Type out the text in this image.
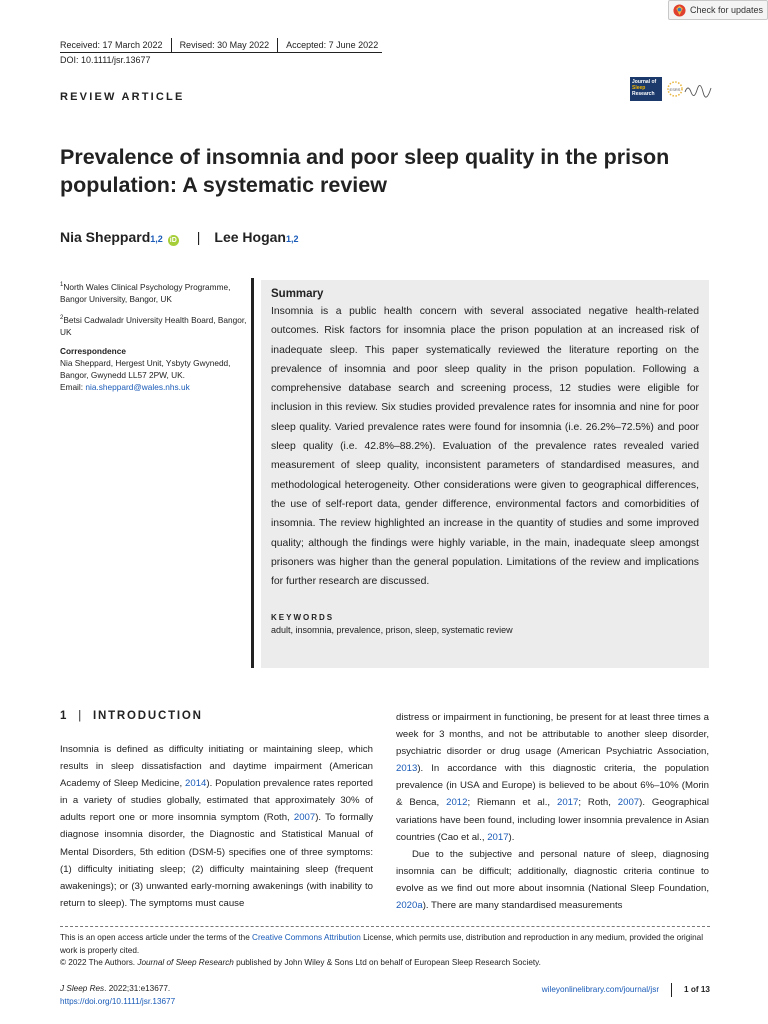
Check for updates
Received: 17 March 2022 Revised: 30 May 2022 Accepted: 7 June 2022
DOI: 10.1111/jsr.13677
REVIEW ARTICLE
Journal of
Sleep
Research
ESRS
Prevalence of insomnia and poor sleep quality in the prison population: A systematic review
Nia Sheppard 1,2 iD | Lee Hogan 1,2

$^1$North Wales Clinical Psychology Programme, Bangor University, Bangor, UK

$^2$Betsi Cadwaladr University Health Board, Bangor, UK

Correspondence

Nia Sheppard, Hergest Unit, Ysbyty Gwynedd, Bangor, Gwynedd LL57 2PW, UK.

Email: nia.sheppard@wales.nhs.uk

Summary

Insomnia is a public health concern with several associated negative health-related outcomes. Risk factors for insomnia place the prison population at an increased risk of inadequate sleep. This paper systematically reviewed the literature reporting on the prevalence of insomnia and poor sleep quality in the prison population. Following a comprehensive database search and screening process, 12 studies were eligible for inclusion in this review. Six studies provided prevalence rates for insomnia and nine for poor sleep quality. Varied prevalence rates were found for insomnia (i.e. 26.2%–72.5%) and poor sleep quality (i.e. 42.8%–88.2%). Evaluation of the prevalence rates revealed varied measurement of sleep quality, inconsistent parameters of standardised measures, and methodological heterogeneity. Other considerations were given to geographical differences, the use of self-report data, gender difference, environmental factors and comorbidities of insomnia. The review highlighted an increase in the quantity of studies and some improved quality; although the findings were highly variable, in the main, inadequate sleep amongst prisoners was higher than the general population. Limitations of the review and implications for further research are discussed.

KEYWORDS
adult, insomnia, prevalence, prison, sleep, systematic review
1 | INTRODUCTION

Insomnia is defined as difficulty initiating or maintaining sleep, which results in sleep dissatisfaction and daytime impairment (American Academy of Sleep Medicine, 2014). Population prevalence rates reported in a variety of studies globally, estimated that approximately 30% of adults report one or more insomnia symptom (Roth, 2007). To formally diagnose insomnia disorder, the Diagnostic and Statistical Manual of Mental Disorders, 5th edition (DSM-5) specifies one of three symptoms: (1) difficulty initiating sleep; (2) difficulty maintaining sleep (frequent awakenings); or (3) unwanted early-morning awakenings (with inability to return to sleep). The symptoms must cause

distress or impairment in functioning, be present for at least three times a week for 3 months, and not be attributable to another sleep disorder, psychiatric disorder or drug usage (American Psychiatric Association, 2013). In accordance with this diagnostic criteria, the population prevalence (in USA and Europe) is believed to be about 6%–10% (Morin & Benca, 2012; Riemann et al., 2017; Roth, 2007). Geographical variations have been found, including lower insomnia prevalence in Asian countries (Cao et al., 2017).

Due to the subjective and personal nature of sleep, diagnosing insomnia can be difficult; additionally, diagnostic criteria continue to evolve as we find out more about insomnia (National Sleep Foundation, 2020a). There are many standardised measurements

This is an open access article under the terms of the Creative Commons Attribution License, which permits use, distribution and reproduction in any medium, provided the original work is properly cited.

© 2022 The Authors. Journal of Sleep Research published by John Wiley & Sons Ltd on behalf of European Sleep Research Society.

J Sleep Res. 2022;31:e13677.
https://doi.org/10.1111/jsr.13677
wileyonlinelibrary.com/journal/jsr	1 of 13
